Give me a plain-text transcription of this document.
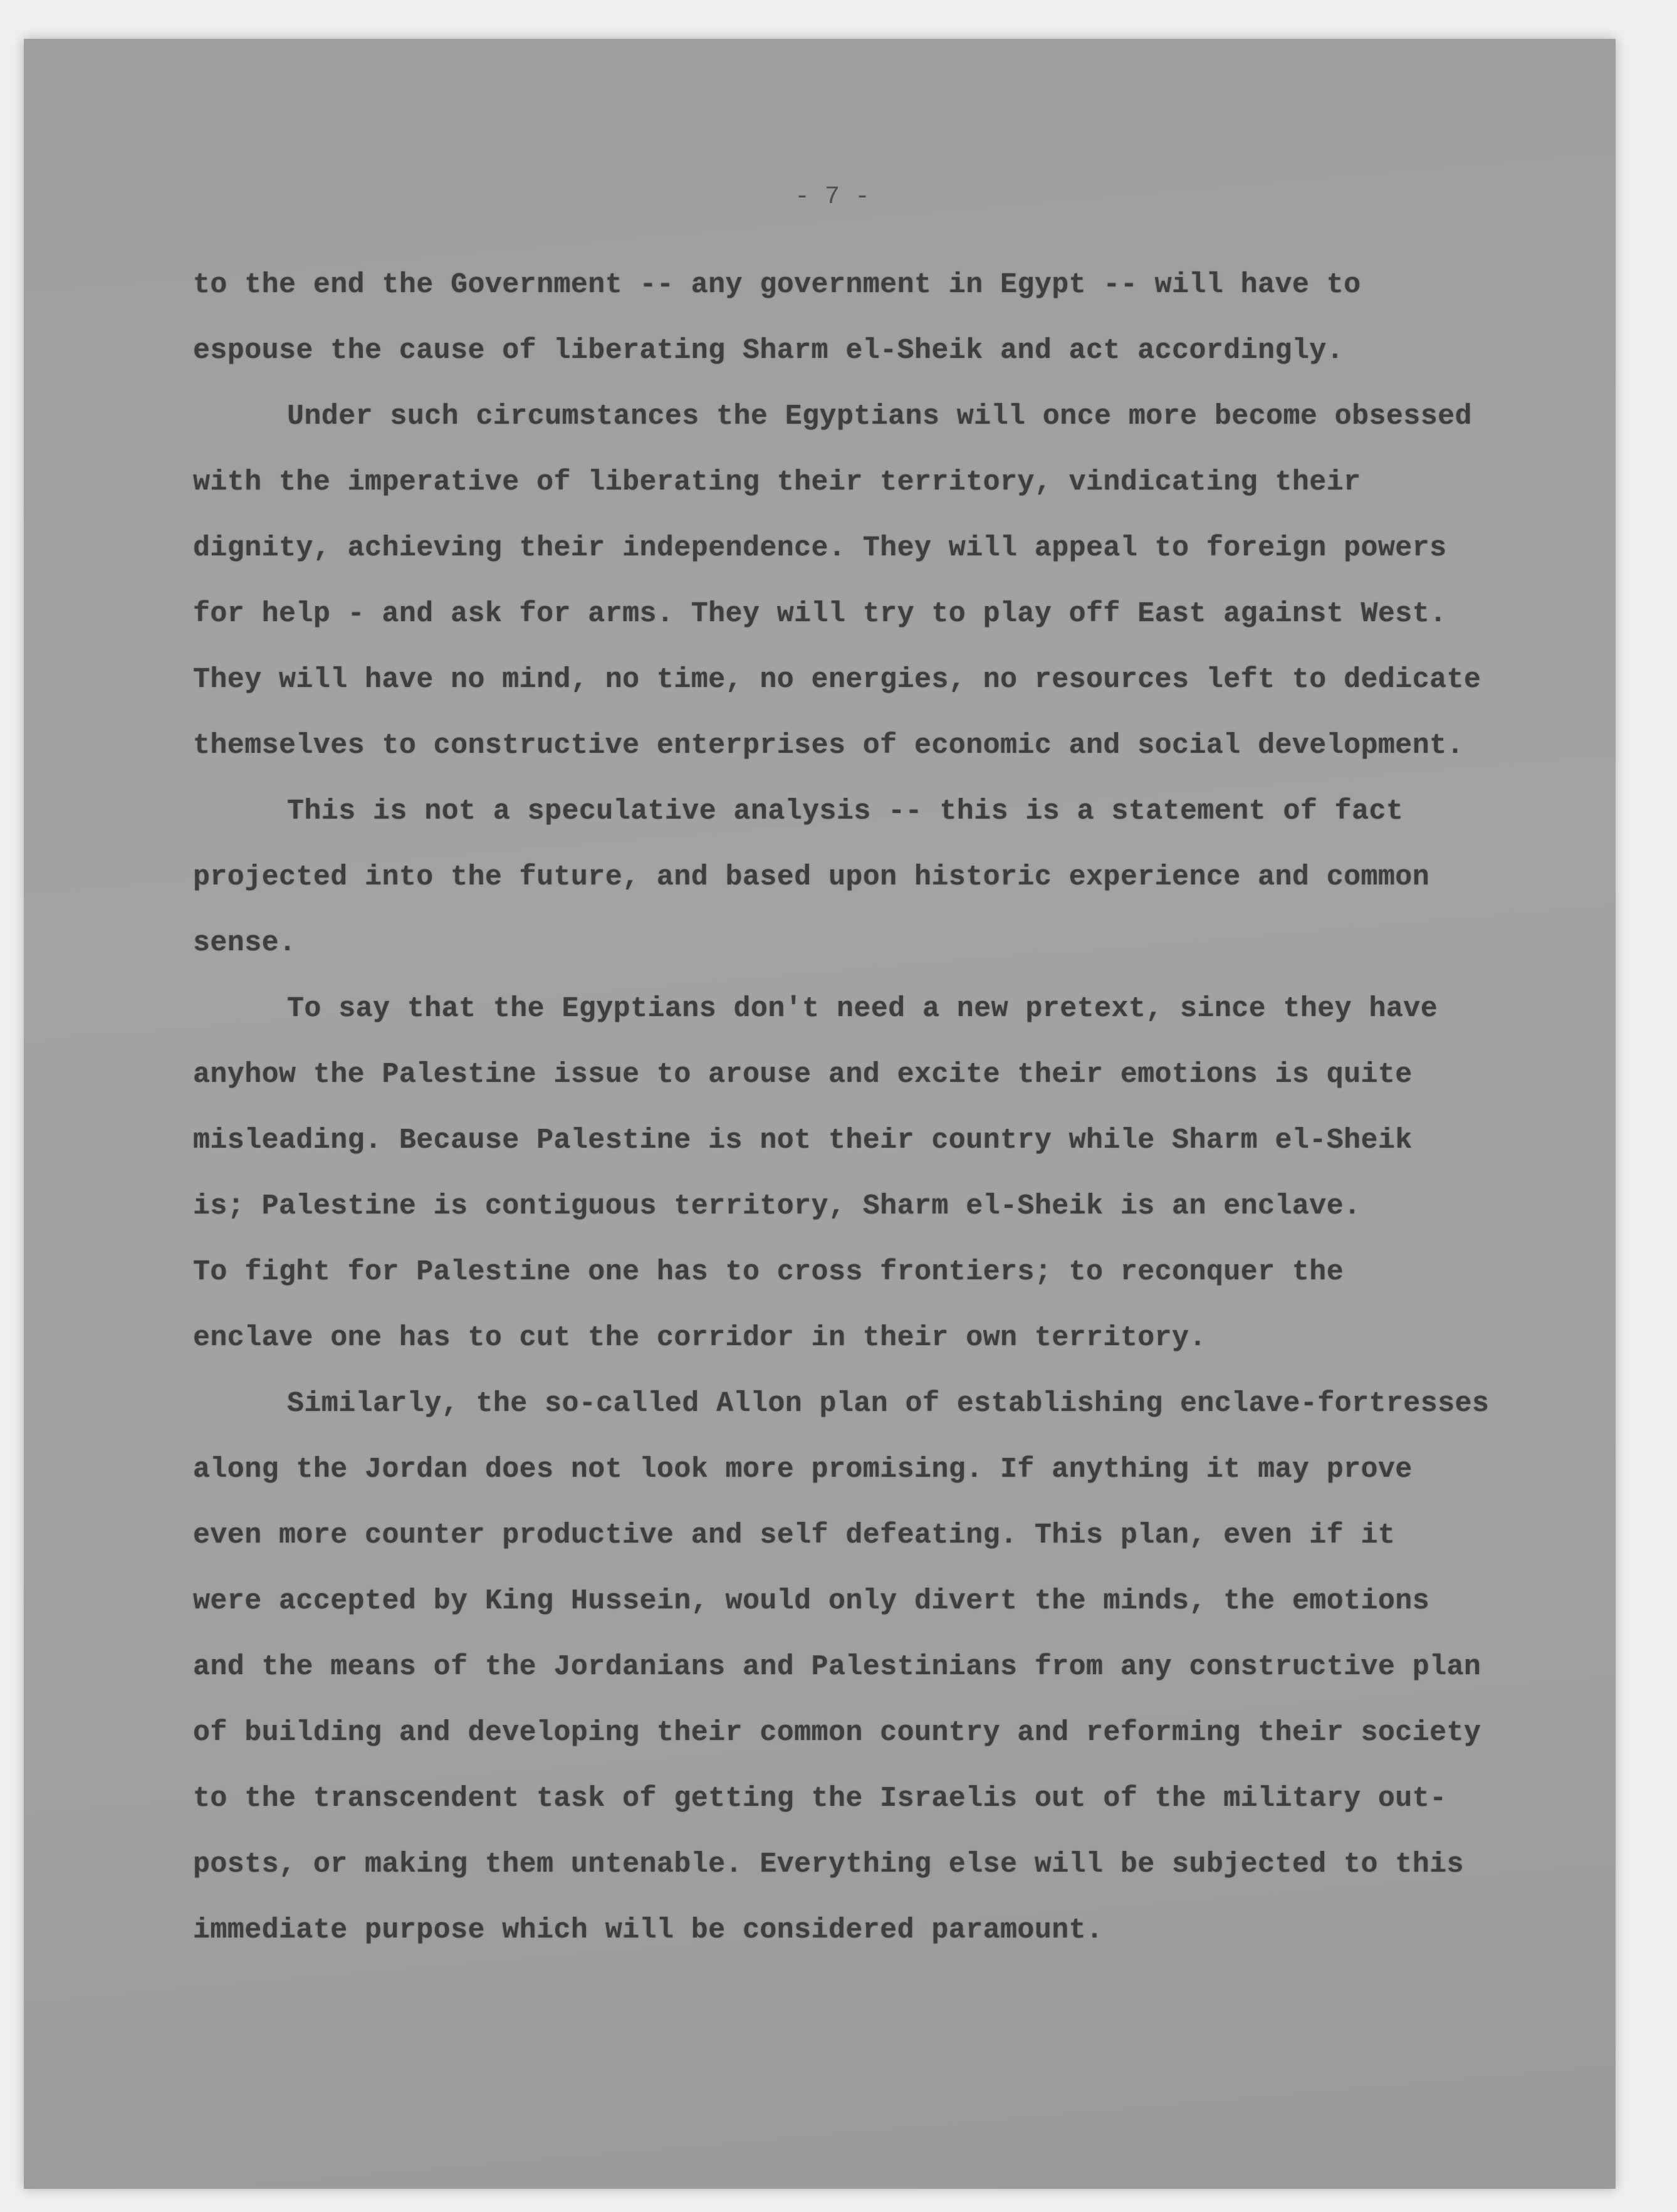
- 7 -
to the end the Government -- any government in Egypt -- will have to
espouse the cause of liberating Sharm el-Sheik and act accordingly.
Under such circumstances the Egyptians will once more become obsessed
with the imperative of liberating their territory, vindicating their
dignity, achieving their independence. They will appeal to foreign powers
for help - and ask for arms. They will try to play off East against West.
They will have no mind, no time, no energies, no resources left to dedicate
themselves to constructive enterprises of economic and social development.
This is not a speculative analysis -- this is a statement of fact
projected into the future, and based upon historic experience and common
sense.
To say that the Egyptians don't need a new pretext, since they have
anyhow the Palestine issue to arouse and excite their emotions is quite
misleading. Because Palestine is not their country while Sharm el-Sheik
is; Palestine is contiguous territory, Sharm el-Sheik is an enclave.
To fight for Palestine one has to cross frontiers; to reconquer the
enclave one has to cut the corridor in their own territory.
Similarly, the so-called Allon plan of establishing enclave-fortresses
along the Jordan does not look more promising. If anything it may prove
even more counter productive and self defeating. This plan, even if it
were accepted by King Hussein, would only divert the minds, the emotions
and the means of the Jordanians and Palestinians from any constructive plan
of building and developing their common country and reforming their society
to the transcendent task of getting the Israelis out of the military out-
posts, or making them untenable. Everything else will be subjected to this
immediate purpose which will be considered paramount.
